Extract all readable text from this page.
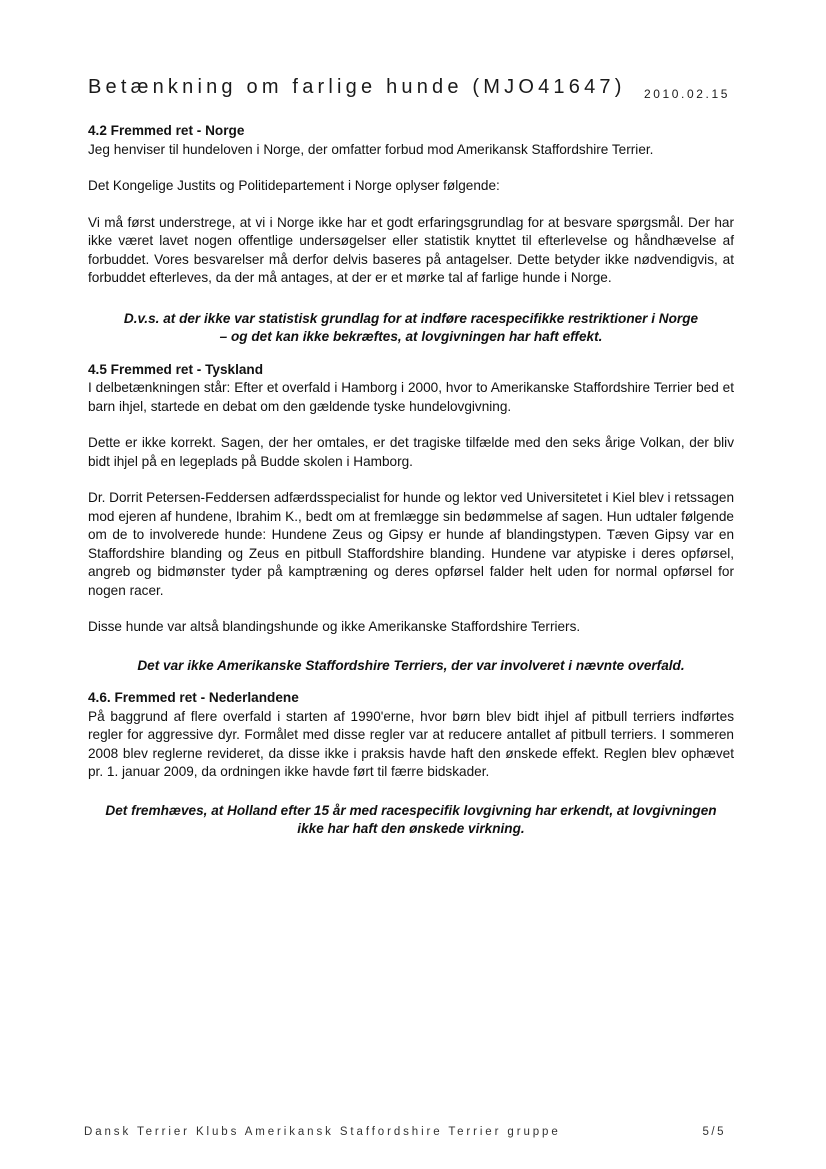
Betænkning om farlige hunde (MJO41647) 2010.02.15

4.2 Fremmed ret - Norge

Jeg henviser til hundeloven i Norge, der omfatter forbud mod Amerikansk Staffordshire Terrier.

Det Kongelige Justits og Politidepartement i Norge oplyser følgende:

Vi må først understrege, at vi i Norge ikke har et godt erfaringsgrundlag for at besvare spørgsmål. Der har ikke været lavet nogen offentlige undersøgelser eller statistik knyttet til efterlevelse og håndhævelse af forbuddet. Vores besvarelser må derfor delvis baseres på antagelser. Dette betyder ikke nødvendigvis, at forbuddet efterleves, da der må antages, at der er et mørke tal af farlige hunde i Norge.

D.v.s. at der ikke var statistisk grundlag for at indføre racespecifikke restriktioner i Norge
– og det kan ikke bekræftes, at lovgivningen har haft effekt.

4.5 Fremmed ret - Tyskland

I delbetænkningen står: Efter et overfald i Hamborg i 2000, hvor to Amerikanske Staffordshire Terrier bed et barn ihjel, startede en debat om den gældende tyske hundelovgivning.

Dette er ikke korrekt. Sagen, der her omtales, er det tragiske tilfælde med den seks årige Volkan, der bliv bidt ihjel på en legeplads på Budde skolen i Hamborg.

Dr. Dorrit Petersen-Feddersen adfærdsspecialist for hunde og lektor ved Universitetet i Kiel blev i retssagen mod ejeren af hundene, Ibrahim K., bedt om at fremlægge sin bedømmelse af sagen. Hun udtaler følgende om de to involverede hunde: Hundene Zeus og Gipsy er hunde af blandingstypen. Tæven Gipsy var en Staffordshire blanding og Zeus en pitbull Staffordshire blanding. Hundene var atypiske i deres opførsel, angreb og bidmønster tyder på kamptræning og deres opførsel falder helt uden for normal opførsel for nogen racer.

Disse hunde var altså blandingshunde og ikke Amerikanske Staffordshire Terriers.

Det var ikke Amerikanske Staffordshire Terriers, der var involveret i nævnte overfald.

4.6. Fremmed ret - Nederlandene

På baggrund af flere overfald i starten af 1990'erne, hvor børn blev bidt ihjel af pitbull terriers indførtes regler for aggressive dyr. Formålet med disse regler var at reducere antallet af pitbull terriers. I sommeren 2008 blev reglerne revideret, da disse ikke i praksis havde haft den ønskede effekt. Reglen blev ophævet pr. 1. januar 2009, da ordningen ikke havde ført til færre bidskader.

Det fremhæves, at Holland efter 15 år med racespecifik lovgivning har erkendt, at lovgivningen
ikke har haft den ønskede virkning.
Dansk Terrier Klubs Amerikansk Staffordshire Terrier gruppe	5/5
